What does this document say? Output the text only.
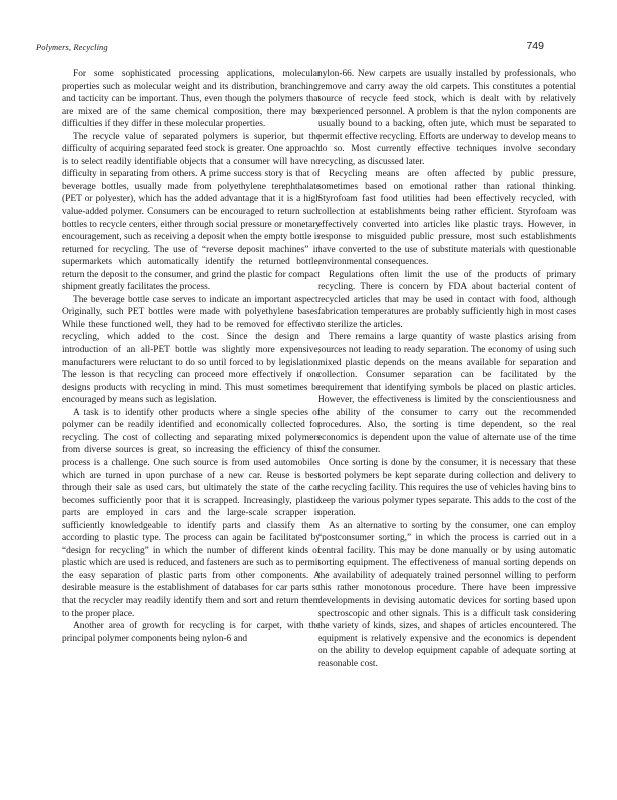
Polymers, Recycling	749

For some sophisticated processing applications, molecular properties such as molecular weight and its distribution, branching, and tacticity can be important. Thus, even though the polymers that are mixed are of the same chemical composition, there may be difficulties if they differ in these molecular properties.

The recycle value of separated polymers is superior, but the difficulty of acquiring separated feed stock is greater. One approach is to select readily identifiable objects that a consumer will have no difficulty in separating from others. A prime success story is that of beverage bottles, usually made from polyethylene terephthalate (PET or polyester), which has the added advantage that it is a high value-added polymer. Consumers can be encouraged to return such bottles to recycle centers, either through social pressure or monetary encouragement, such as receiving a deposit when the empty bottle is returned for recycling. The use of “reverse deposit machines” in supermarkets which automatically identify the returned bottle, return the deposit to the consumer, and grind the plastic for compact shipment greatly facilitates the process.

The beverage bottle case serves to indicate an important aspect. Originally, such PET bottles were made with polyethylene bases. While these functioned well, they had to be removed for effective recycling, which added to the cost. Since the design and introduction of an all-PET bottle was slightly more expensive, manufacturers were reluctant to do so until forced to by legislation. The lesson is that recycling can proceed more effectively if one designs products with recycling in mind. This must sometimes be encouraged by means such as legislation.

A task is to identify other products where a single species of polymer can be readily identified and economically collected for recycling. The cost of collecting and separating mixed polymers from diverse sources is great, so increasing the efficiency of this process is a challenge. One such source is from used automobiles which are turned in upon purchase of a new car. Reuse is best through their sale as used cars, but ultimately the state of the car becomes sufficiently poor that it is scrapped. Increasingly, plastic parts are employed in cars and the large-scale scrapper is sufficiently knowledgeable to identify parts and classify them according to plastic type. The process can again be facilitated by “design for recycling” in which the number of different kinds of plastic which are used is reduced, and fasteners are such as to permit the easy separation of plastic parts from other components. A desirable measure is the establishment of databases for car parts so that the recycler may readily identify them and sort and return them to the proper place.

Another area of growth for recycling is for carpet, with the principal polymer components being nylon-6 and

nylon-66. New carpets are usually installed by professionals, who remove and carry away the old carpets. This constitutes a potential source of recycle feed stock, which is dealt with by relatively experienced personnel. A problem is that the nylon components are usually bound to a backing, often jute, which must be separated to permit effective recycling. Efforts are underway to develop means to do so. Most currently effective techniques involve secondary recycling, as discussed later.

Recycling means are often affected by public pressure, sometimes based on emotional rather than rational thinking. Styrofoam fast food utilities had been effectively recycled, with collection at establishments being rather efficient. Styrofoam was effectively converted into articles like plastic trays. However, in response to misguided public pressure, most such establishments have converted to the use of substitute materials with questionable environmental consequences.

Regulations often limit the use of the products of primary recycling. There is concern by FDA about bacterial content of recycled articles that may be used in contact with food, although fabrication temperatures are probably sufficiently high in most cases to sterilize the articles.

There remains a large quantity of waste plastics arising from sources not leading to ready separation. The economy of using such mixed plastic depends on the means available for separation and collection. Consumer separation can be facilitated by the requirement that identifying symbols be placed on plastic articles. However, the effectiveness is limited by the conscientiousness and the ability of the consumer to carry out the recommended procedures. Also, the sorting is time dependent, so the real economics is dependent upon the value of alternate use of the time of the consumer.

Once sorting is done by the consumer, it is necessary that these sorted polymers be kept separate during collection and delivery to the recycling facility. This requires the use of vehicles having bins to keep the various polymer types separate. This adds to the cost of the operation.

As an alternative to sorting by the consumer, one can employ “postconsumer sorting,” in which the process is carried out in a central facility. This may be done manually or by using automatic sorting equipment. The effectiveness of manual sorting depends on the availability of adequately trained personnel willing to perform this rather monotonous procedure. There have been impressive developments in devising automatic devices for sorting based upon spectroscopic and other signals. This is a difficult task considering the variety of kinds, sizes, and shapes of articles encountered. The equipment is relatively expensive and the economics is dependent on the ability to develop equipment capable of adequate sorting at reasonable cost.
